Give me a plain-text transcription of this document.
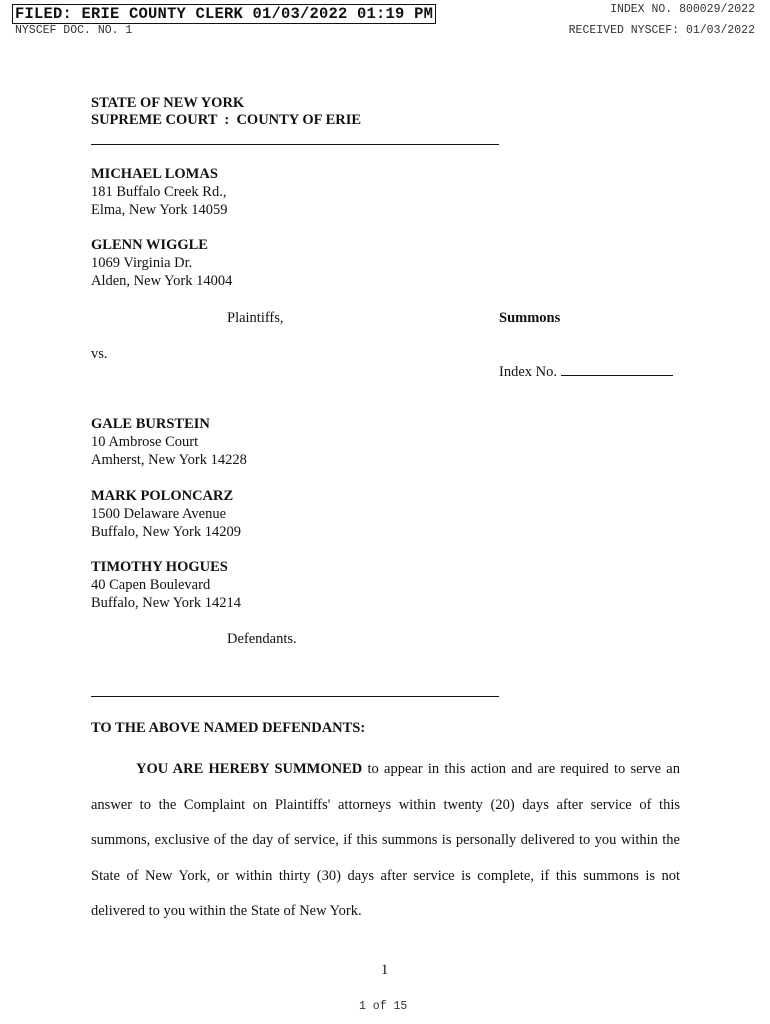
FILED: ERIE COUNTY CLERK 01/03/2022 01:19 PM	INDEX NO. 800029/2022
NYSCEF DOC. NO. 1	RECEIVED NYSCEF: 01/03/2022
STATE OF NEW YORK
SUPREME COURT  :  COUNTY OF ERIE
MICHAEL LOMAS
181 Buffalo Creek Rd.,
Elma, New York 14059
GLENN WIGGLE
1069 Virginia Dr.
Alden, New York 14004
Plaintiffs,	Summons
vs.
Index No.
GALE BURSTEIN
10 Ambrose Court
Amherst, New York 14228
MARK POLONCARZ
1500 Delaware Avenue
Buffalo, New York 14209
TIMOTHY HOGUES
40 Capen Boulevard
Buffalo, New York 14214
Defendants.
TO THE ABOVE NAMED DEFENDANTS:
YOU ARE HEREBY SUMMONED to appear in this action and are required to serve an answer to the Complaint on Plaintiffs' attorneys within twenty (20) days after service of this summons, exclusive of the day of service, if this summons is personally delivered to you within the State of New York, or within thirty (30) days after service is complete, if this summons is not delivered to you within the State of New York.
1
1 of 15
